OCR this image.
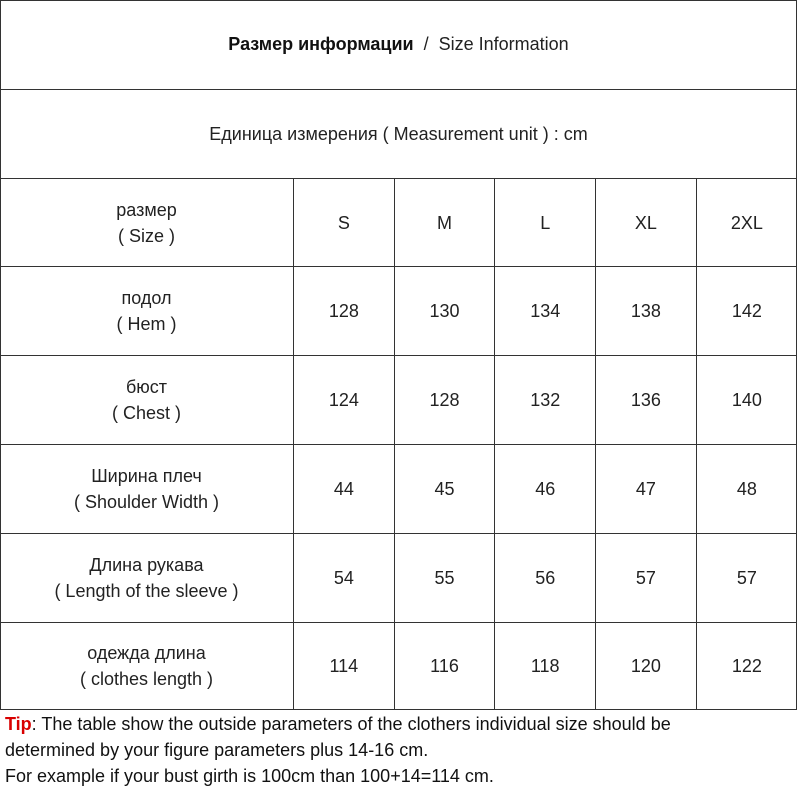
Размер информации / Size Information
Единица измерения ( Measurement unit ) : cm
размер
( Size )	S	M	L	XL	2XL

подол
( Hem )	128	130	134	138	142

бюст
( Chest )	124	128	132	136	140

Ширина плеч
( Shoulder Width )	44	45	46	47	48

Длина рукава
( Length of the sleeve )	54	55	56	57	57

одежда длина
( clothes length )	114	116	118	120	122

Tip: The table show the outside parameters of the clothers individual size should be

determined by your figure parameters plus 14-16 cm.

For example if your bust girth is 100cm than 100+14=114 cm.
